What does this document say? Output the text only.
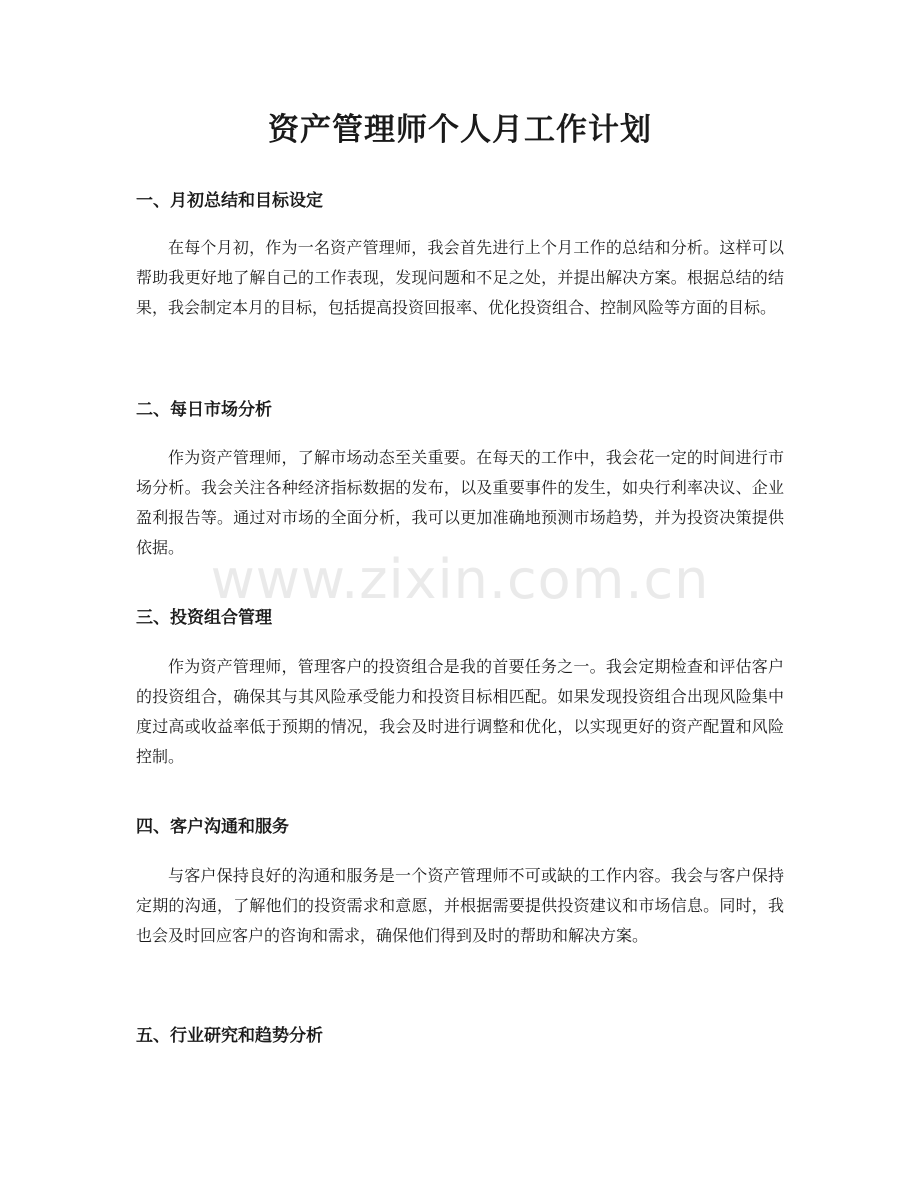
资产管理师个人月工作计划
一、月初总结和目标设定

在每个月初，作为一名资产管理师，我会首先进行上个月工作的总结和分析。这样可以帮助我更好地了解自己的工作表现，发现问题和不足之处，并提出解决方案。根据总结的结果，我会制定本月的目标，包括提高投资回报率、优化投资组合、控制风险等方面的目标。

二、每日市场分析

作为资产管理师，了解市场动态至关重要。在每天的工作中，我会花一定的时间进行市场分析。我会关注各种经济指标数据的发布，以及重要事件的发生，如央行利率决议、企业盈利报告等。通过对市场的全面分析，我可以更加准确地预测市场趋势，并为投资决策提供依据。

三、投资组合管理

作为资产管理师，管理客户的投资组合是我的首要任务之一。我会定期检查和评估客户的投资组合，确保其与其风险承受能力和投资目标相匹配。如果发现投资组合出现风险集中度过高或收益率低于预期的情况，我会及时进行调整和优化，以实现更好的资产配置和风险控制。

四、客户沟通和服务

与客户保持良好的沟通和服务是一个资产管理师不可或缺的工作内容。我会与客户保持定期的沟通，了解他们的投资需求和意愿，并根据需要提供投资建议和市场信息。同时，我也会及时回应客户的咨询和需求，确保他们得到及时的帮助和解决方案。

五、行业研究和趋势分析
www.zixin.com.cn
